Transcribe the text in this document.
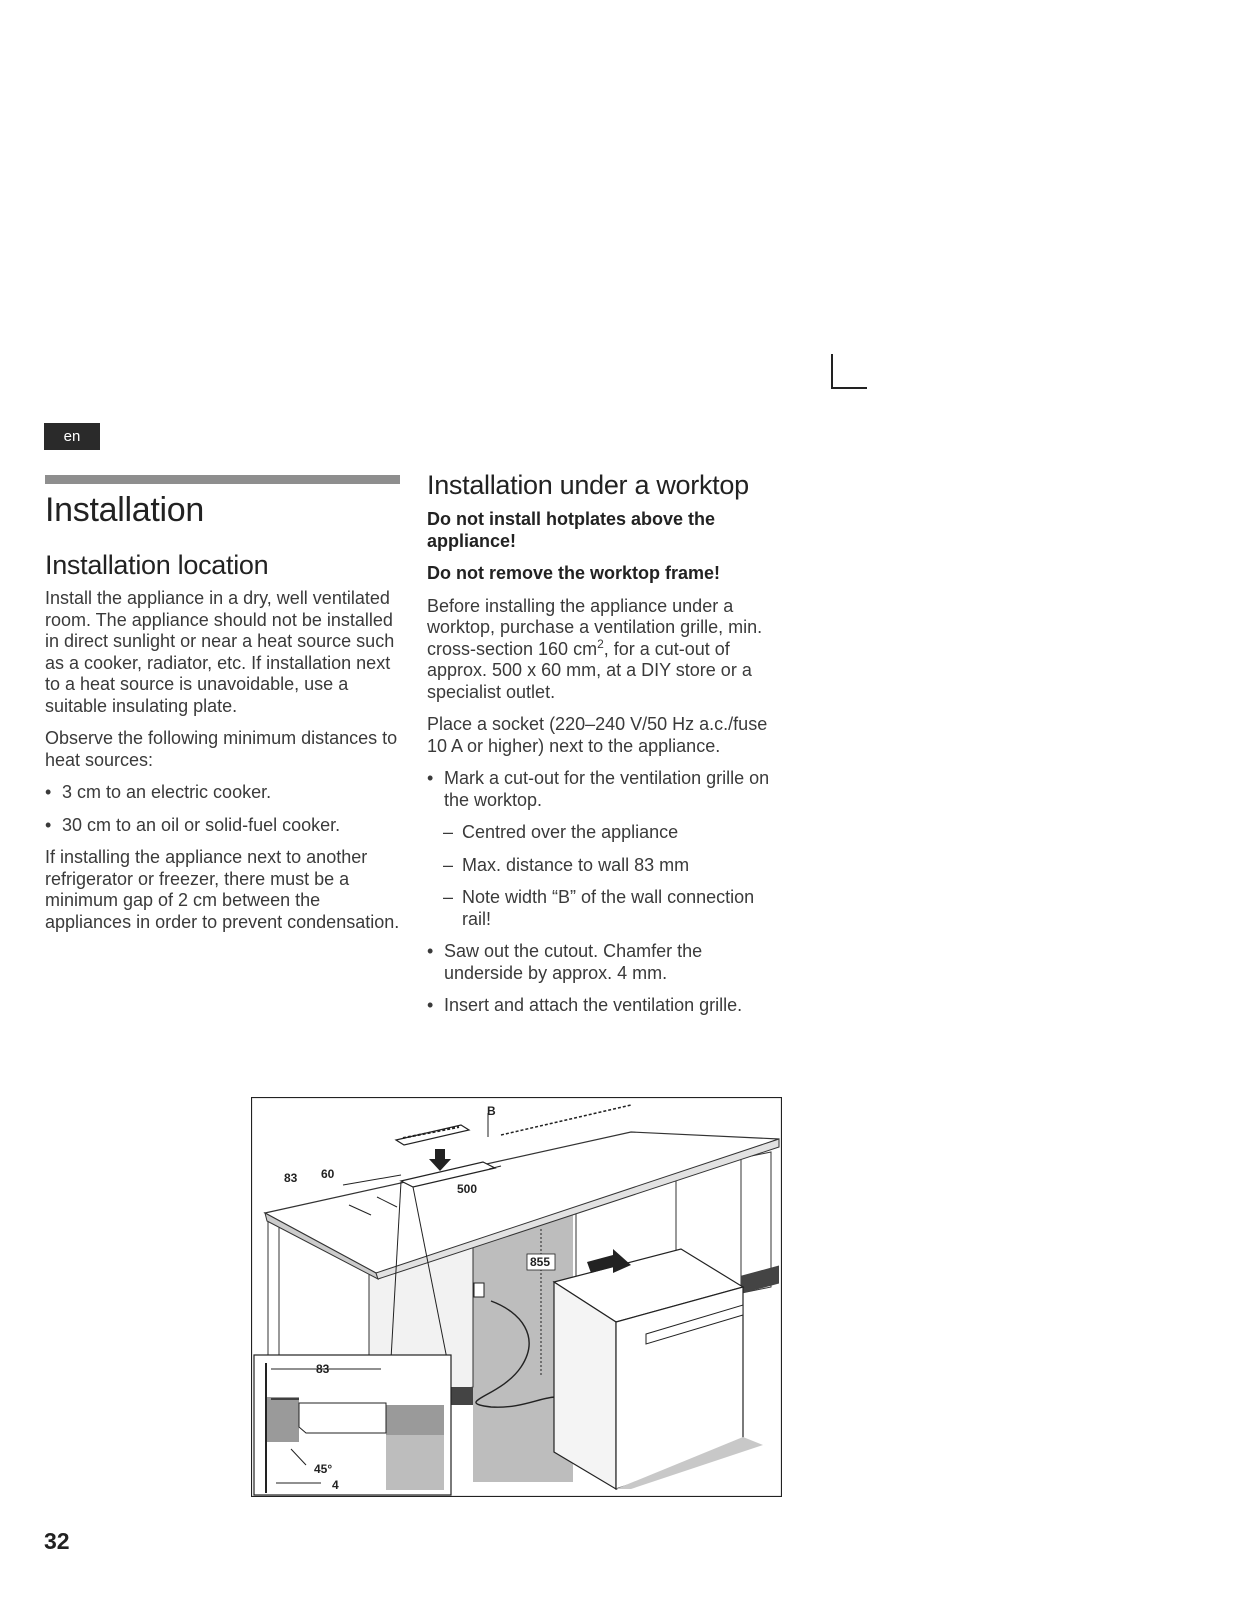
en
Installation
Installation location

Install the appliance in a dry, well ventilated room. The appliance should not be installed in direct sunlight or near a heat source such as a cooker, radiator, etc. If installation next to a heat source is unavoidable, use a suitable insulating plate.

Observe the following minimum distances to heat sources:

• 3 cm to an electric cooker.
• 30 cm to an oil or solid-fuel cooker.

If installing the appliance next to another refrigerator or freezer, there must be a minimum gap of 2 cm between the appliances in order to prevent condensation.

Installation under a worktop

Do not install hotplates above the appliance!

Do not remove the worktop frame!

Before installing the appliance under a worktop, purchase a ventilation grille, min. cross-section 160 $cm^2$, for a cut-out of approx. 500 x 60 mm, at a DIY store or a specialist outlet.

Place a socket (220–240 V/50 Hz a.c./fuse 10 A or higher) next to the appliance.

• Mark a cut-out for the ventilation grille on the worktop.
– Centred over the appliance
– Max. distance to wall 83 mm
– Note width “B” of the wall connection rail!
• Saw out the cutout. Chamfer the underside by approx. 4 mm.
• Insert and attach the ventilation grille.
B
83 60
500
855
83
45°
4
32
